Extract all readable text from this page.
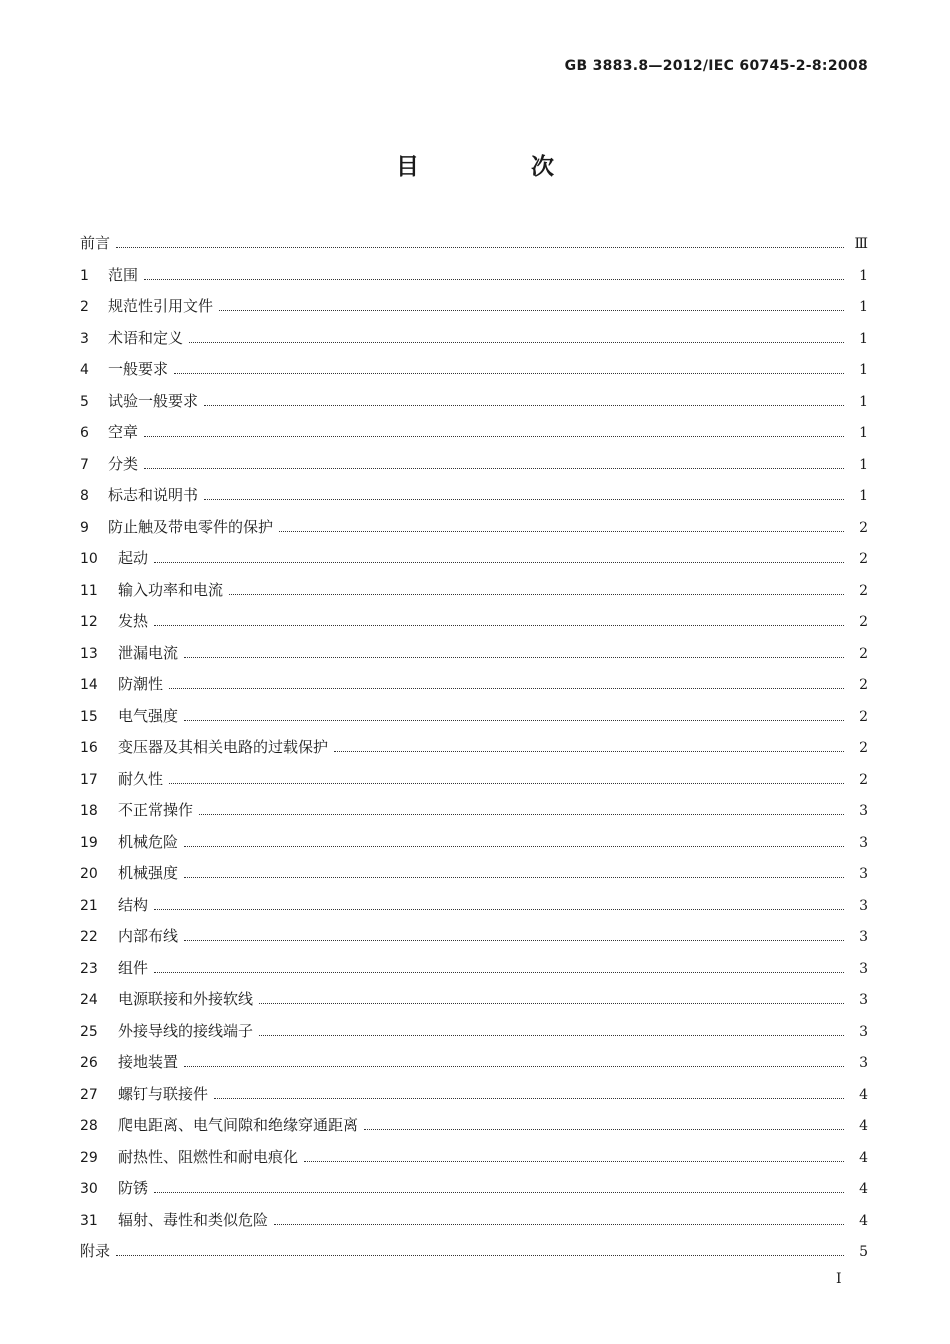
GB 3883.8—2012/IEC 60745-2-8:2008
目 次
前言	Ⅲ
1	范围	1
2	规范性引用文件	1
3	术语和定义	1
4	一般要求	1
5	试验一般要求	1
6	空章	1
7	分类	1
8	标志和说明书	1
9	防止触及带电零件的保护	2
10	起动	2
11	输入功率和电流	2
12	发热	2
13	泄漏电流	2
14	防潮性	2
15	电气强度	2
16	变压器及其相关电路的过载保护	2
17	耐久性	2
18	不正常操作	3
19	机械危险	3
20	机械强度	3
21	结构	3
22	内部布线	3
23	组件	3
24	电源联接和外接软线	3
25	外接导线的接线端子	3
26	接地装置	3
27	螺钉与联接件	4
28	爬电距离、电气间隙和绝缘穿通距离	4
29	耐热性、阻燃性和耐电痕化	4
30	防锈	4
31	辐射、毒性和类似危险	4
附录	5
I
